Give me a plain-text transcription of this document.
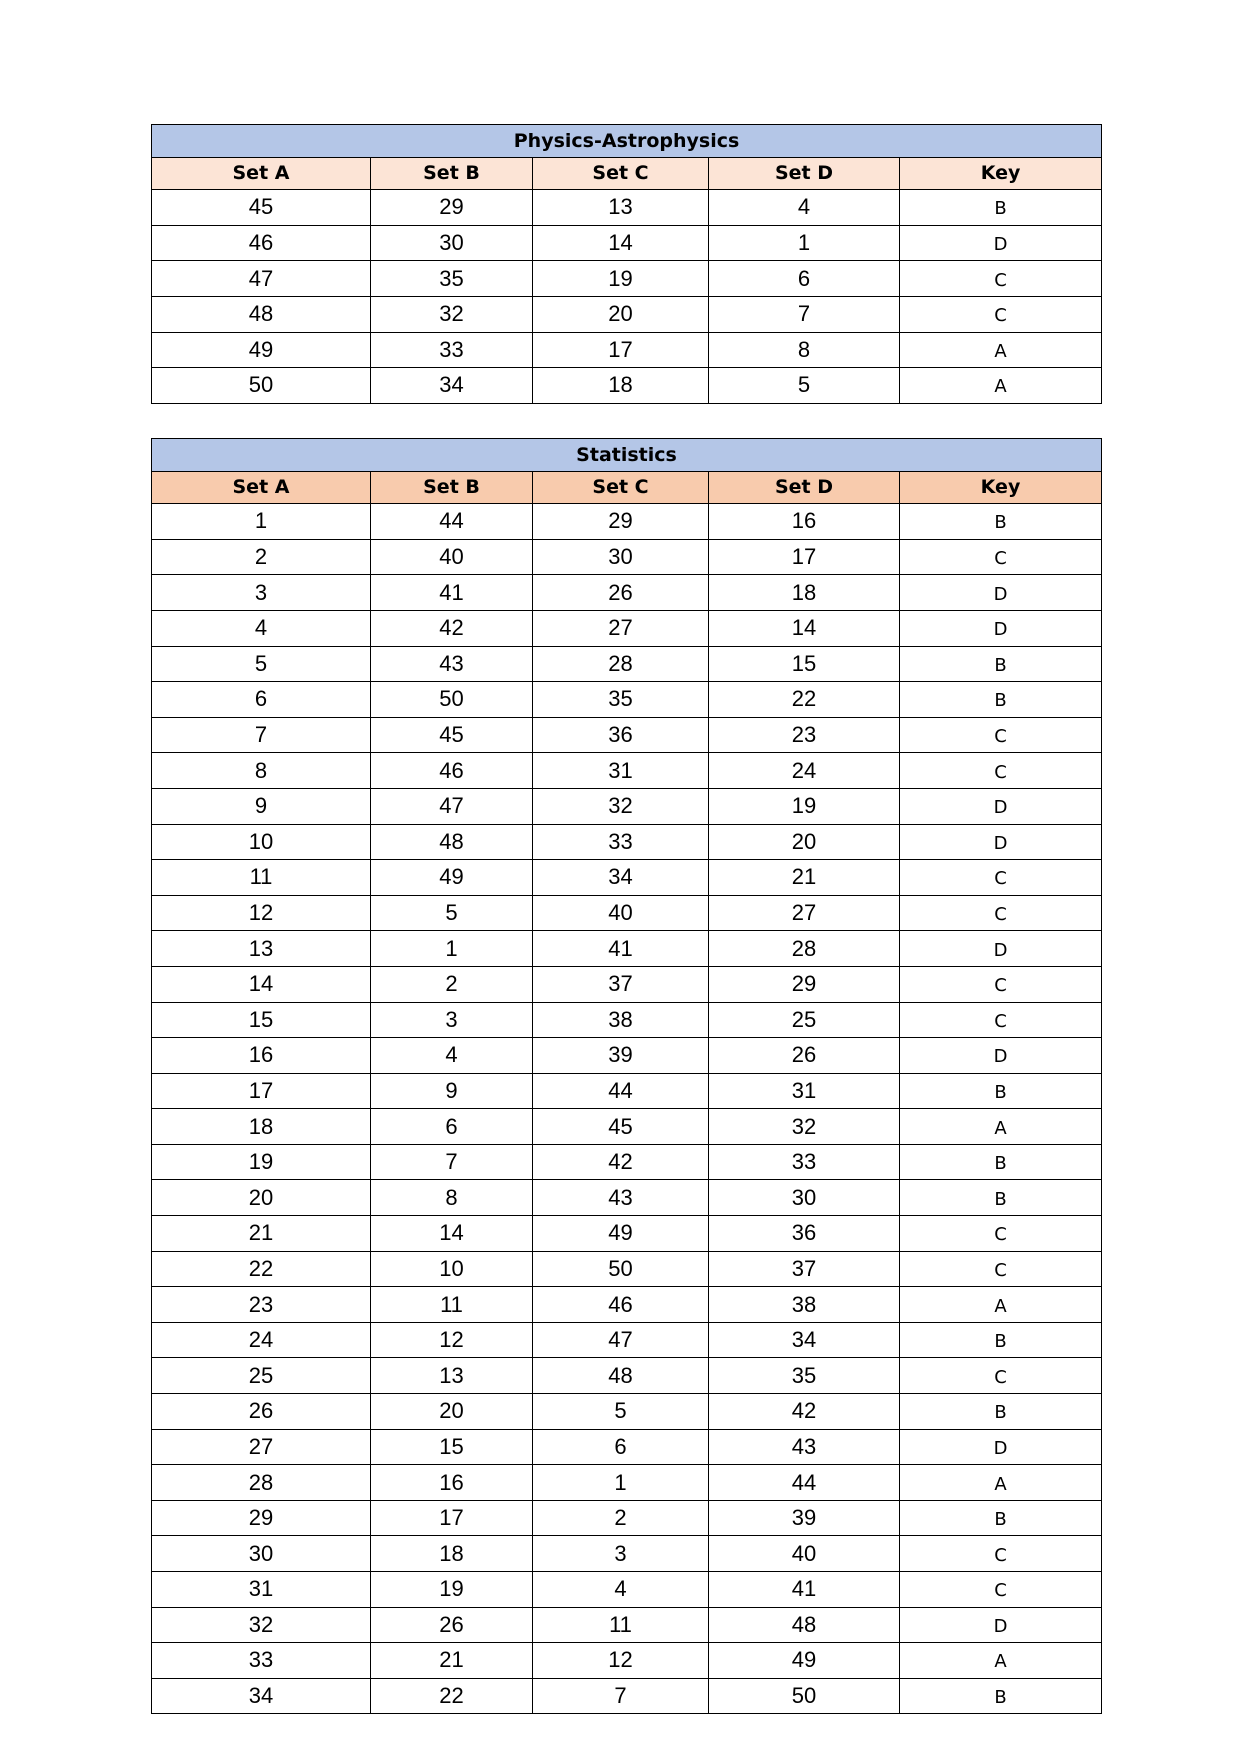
Physics-Astrophysics				
Set A	Set B	Set C	Set D	Key
45	29	13	4	B
46	30	14	1	D
47	35	19	6	C
48	32	20	7	C
49	33	17	8	A
50	34	18	5	A
Statistics				
Set A	Set B	Set C	Set D	Key
1	44	29	16	B
2	40	30	17	C
3	41	26	18	D
4	42	27	14	D
5	43	28	15	B
6	50	35	22	B
7	45	36	23	C
8	46	31	24	C
9	47	32	19	D
10	48	33	20	D
11	49	34	21	C
12	5	40	27	C
13	1	41	28	D
14	2	37	29	C
15	3	38	25	C
16	4	39	26	D
17	9	44	31	B
18	6	45	32	A
19	7	42	33	B
20	8	43	30	B
21	14	49	36	C
22	10	50	37	C
23	11	46	38	A
24	12	47	34	B
25	13	48	35	C
26	20	5	42	B
27	15	6	43	D
28	16	1	44	A
29	17	2	39	B
30	18	3	40	C
31	19	4	41	C
32	26	11	48	D
33	21	12	49	A
34	22	7	50	B
